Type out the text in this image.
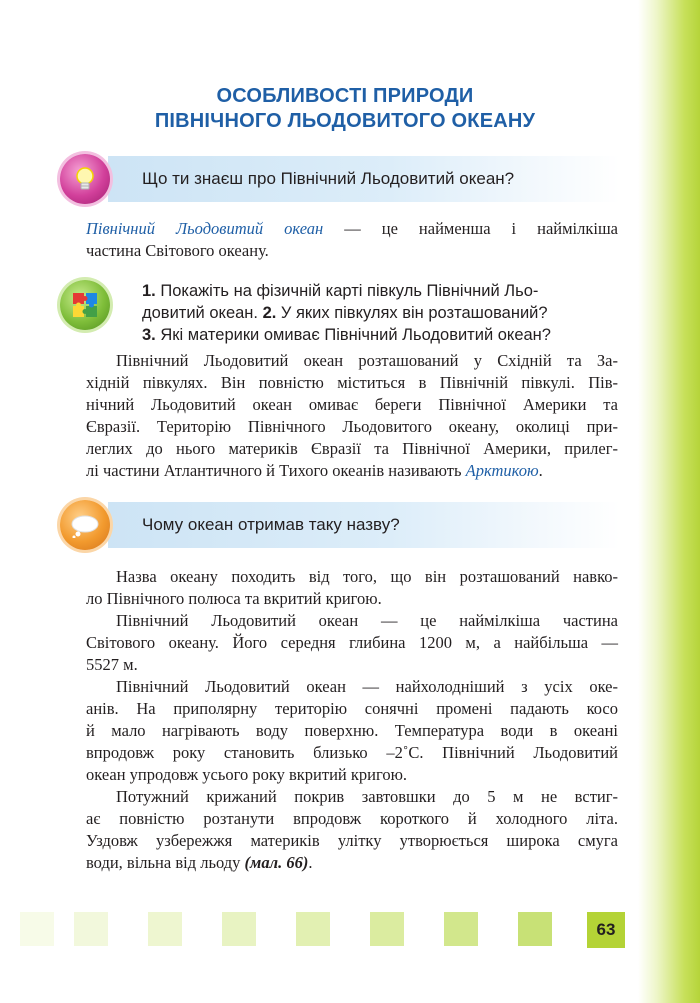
ОСОБЛИВОСТІ ПРИРОДИ
ПІВНІЧНОГО ЛЬОДОВИТОГО ОКЕАНУ
Що ти знаєш про Північний Льодовитий океан?
Північний Льодовитий океан — це найменша і наймілкіша
частина Світового океану.
1. Покажіть на фізичній карті півкуль Північний Льо-
довитий океан. 2. У яких півкулях він розташований?
3. Які материки омиває Північний Льодовитий океан?
Північний Льодовитий океан розташований у Східній та За-
хідній півкулях. Він повністю міститься в Північній півкулі. Пів-
нічний Льодовитий океан омиває береги Північної Америки та
Євразії. Територію Північного Льодовитого океану, околиці при-
леглих до нього материків Євразії та Північної Америки, прилег-
лі частини Атлантичного й Тихого океанів називають Арктикою.
Чому океан отримав таку назву?
Назва океану походить від того, що він розташований навко-
ло Північного полюса та вкритий кригою.
Північний Льодовитий океан — це наймілкіша частина
Світового океану. Його середня глибина 1200 м, а найбільша —
5527 м.
Північний Льодовитий океан — найхолодніший з усіх оке-
анів. На приполярну територію сонячні промені падають косо
й мало нагрівають воду поверхню. Температура води в океані
впродовж року становить близько –2˚С. Північний Льодовитий
океан упродовж усього року вкритий кригою.
Потужний крижаний покрив завтовшки до 5 м не встиг-
ає повністю розтанути впродовж короткого й холодного літа.
Уздовж узбережжя материків улітку утворюється широка смуга
води, вільна від льоду (мал. 66).
63
